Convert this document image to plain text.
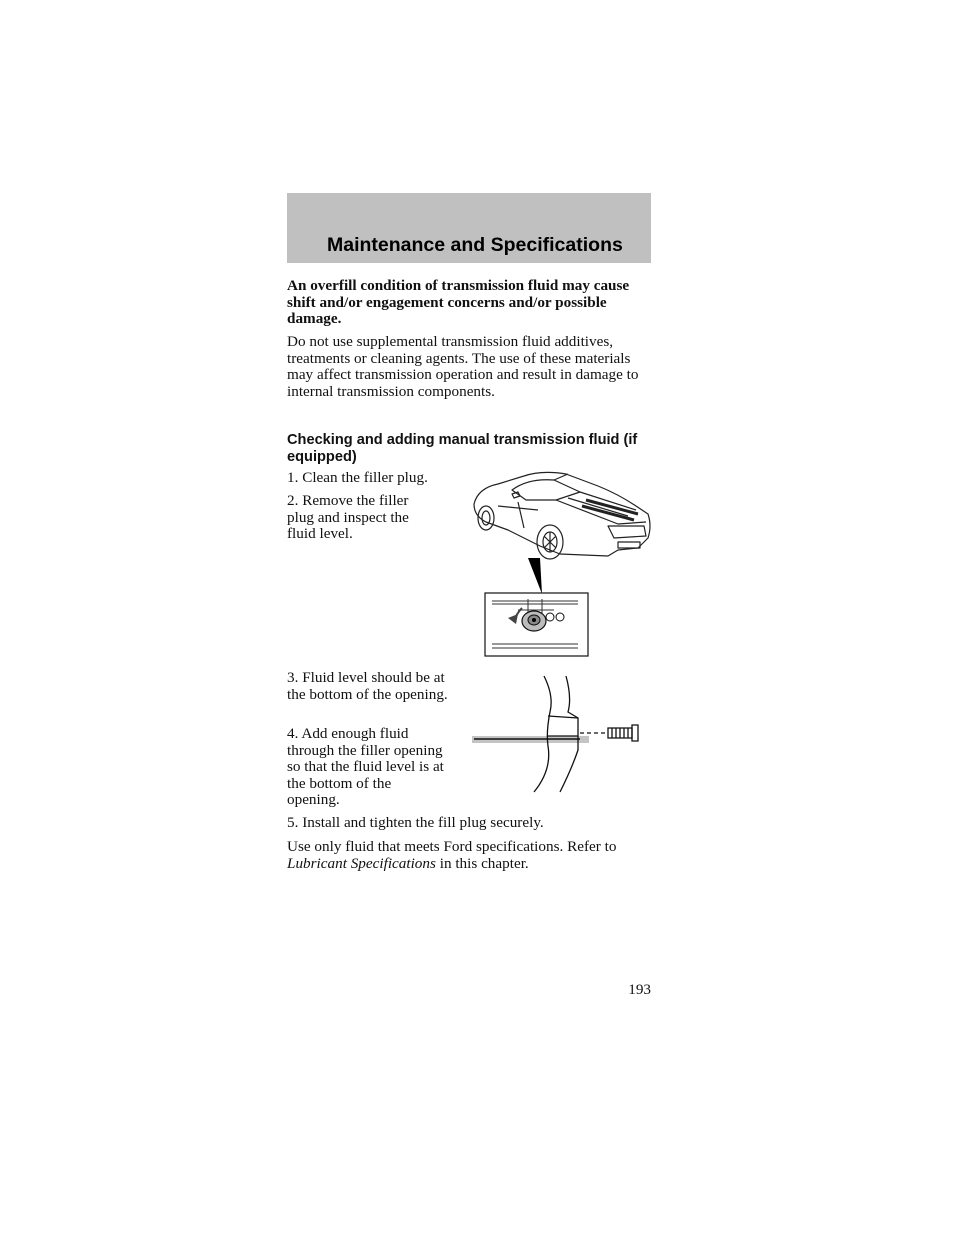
Maintenance and Specifications

An overfill condition of transmission fluid may cause shift and/or engagement concerns and/or possible damage.

Do not use supplemental transmission fluid additives, treatments or cleaning agents. The use of these materials may affect transmission operation and result in damage to internal transmission components.

Checking and adding manual transmission fluid (if equipped)

1. Clean the filler plug.

2. Remove the filler plug and inspect the fluid level.

3. Fluid level should be at the bottom of the opening.

4. Add enough fluid through the filler opening so that the fluid level is at the bottom of the opening.

5. Install and tighten the fill plug securely.

Use only fluid that meets Ford specifications. Refer to Lubricant Specifications in this chapter.

193
